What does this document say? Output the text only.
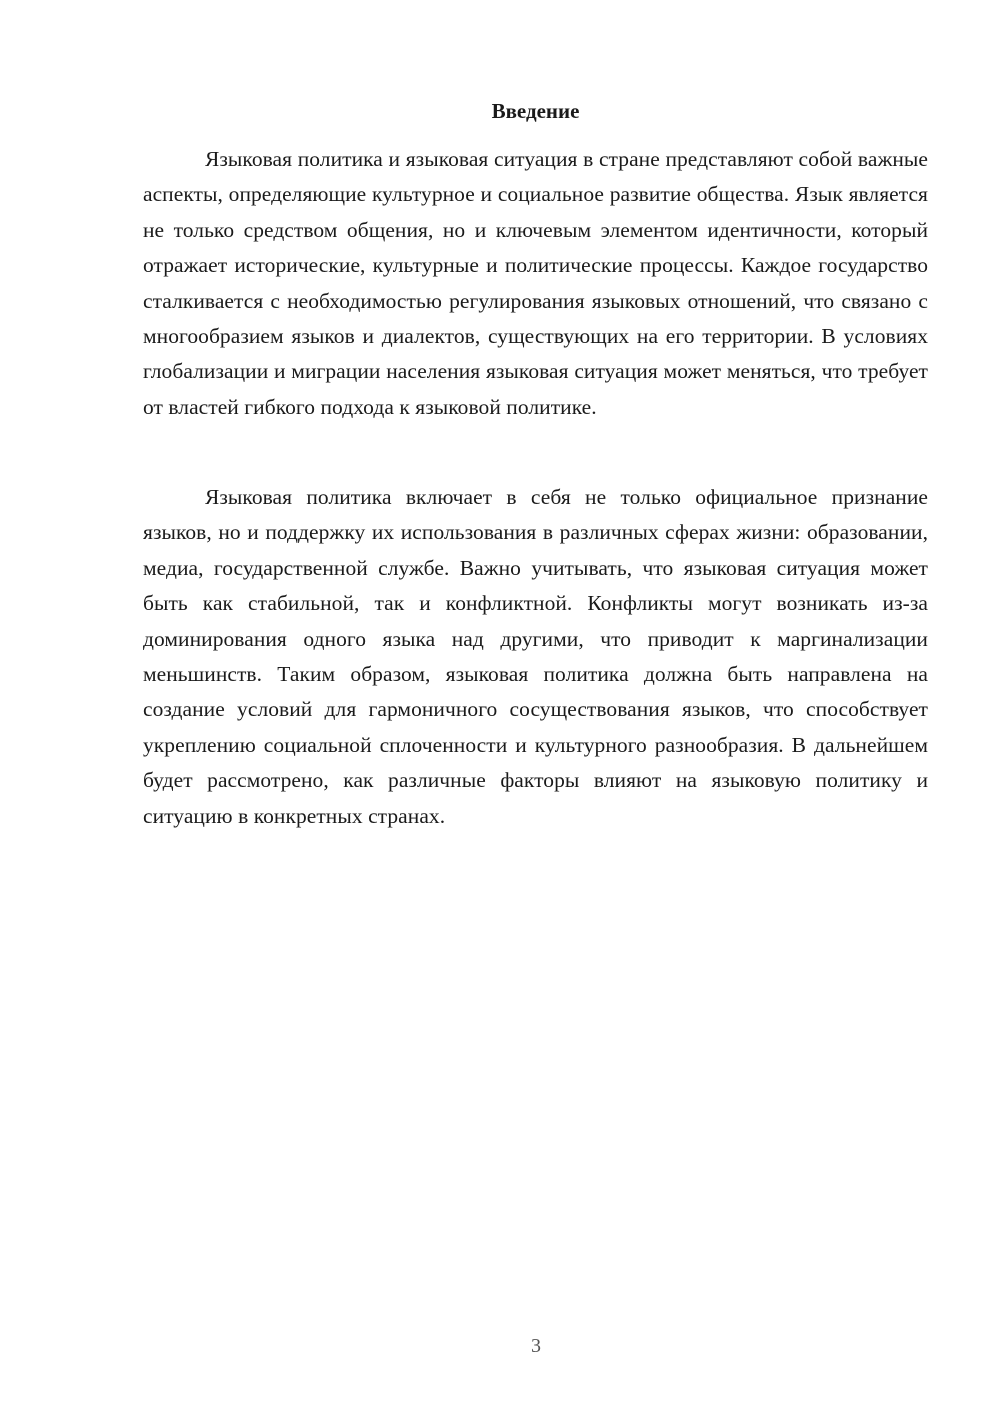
Введение

Языковая политика и языковая ситуация в стране представляют собой важные аспекты, определяющие культурное и социальное развитие общества. Язык является не только средством общения, но и ключевым элементом идентичности, который отражает исторические, культурные и политические процессы. Каждое государство сталкивается с необходимостью регулирования языковых отношений, что связано с многообразием языков и диалектов, существующих на его территории. В условиях глобализации и миграции населения языковая ситуация может меняться, что требует от властей гибкого подхода к языковой политике.

Языковая политика включает в себя не только официальное признание языков, но и поддержку их использования в различных сферах жизни: образовании, медиа, государственной службе. Важно учитывать, что языковая ситуация может быть как стабильной, так и конфликтной. Конфликты могут возникать из-за доминирования одного языка над другими, что приводит к маргинализации меньшинств. Таким образом, языковая политика должна быть направлена на создание условий для гармоничного сосуществования языков, что способствует укреплению социальной сплоченности и культурного разнообразия. В дальнейшем будет рассмотрено, как различные факторы влияют на языковую политику и ситуацию в конкретных странах.

3
